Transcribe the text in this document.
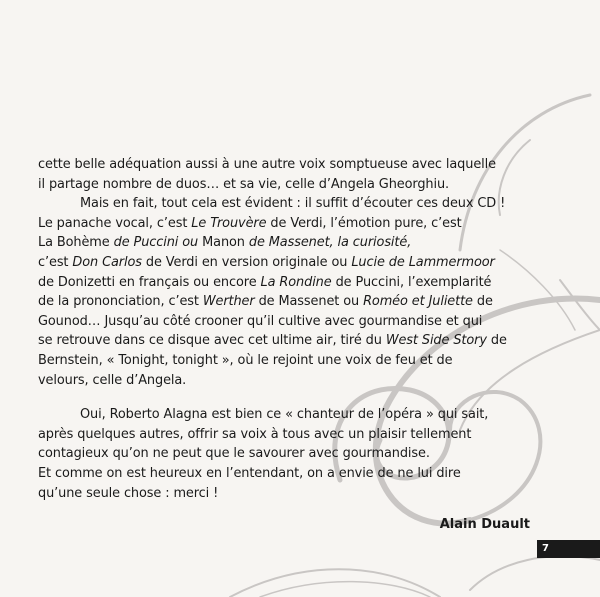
cette belle adéquation aussi à une autre voix somptueuse avec laquelle
il partage nombre de duos… et sa vie, celle d’Angela Gheorghiu.
Mais en fait, tout cela est évident : il suffit d’écouter ces deux CD !
Le panache vocal, c’est Le Trouvère de Verdi, l’émotion pure, c’est
La Bohème de Puccini ou Manon de Massenet, la curiosité,
c’est Don Carlos de Verdi en version originale ou Lucie de Lammermoor
de Donizetti en français ou encore La Rondine de Puccini, l’exemplarité
de la prononciation, c’est Werther de Massenet ou Roméo et Juliette de
Gounod… Jusqu’au côté crooner qu’il cultive avec gourmandise et qui
se retrouve dans ce disque avec cet ultime air, tiré du West Side Story de
Bernstein, « Tonight, tonight », où le rejoint une voix de feu et de
velours, celle d’Angela.
Oui, Roberto Alagna est bien ce « chanteur de l’opéra » qui sait,
après quelques autres, offrir sa voix à tous avec un plaisir tellement
contagieux qu’on ne peut que le savourer avec gourmandise.
Et comme on est heureux en l’entendant, on a envie de ne lui dire
qu’une seule chose : merci !
Alain Duault
7
